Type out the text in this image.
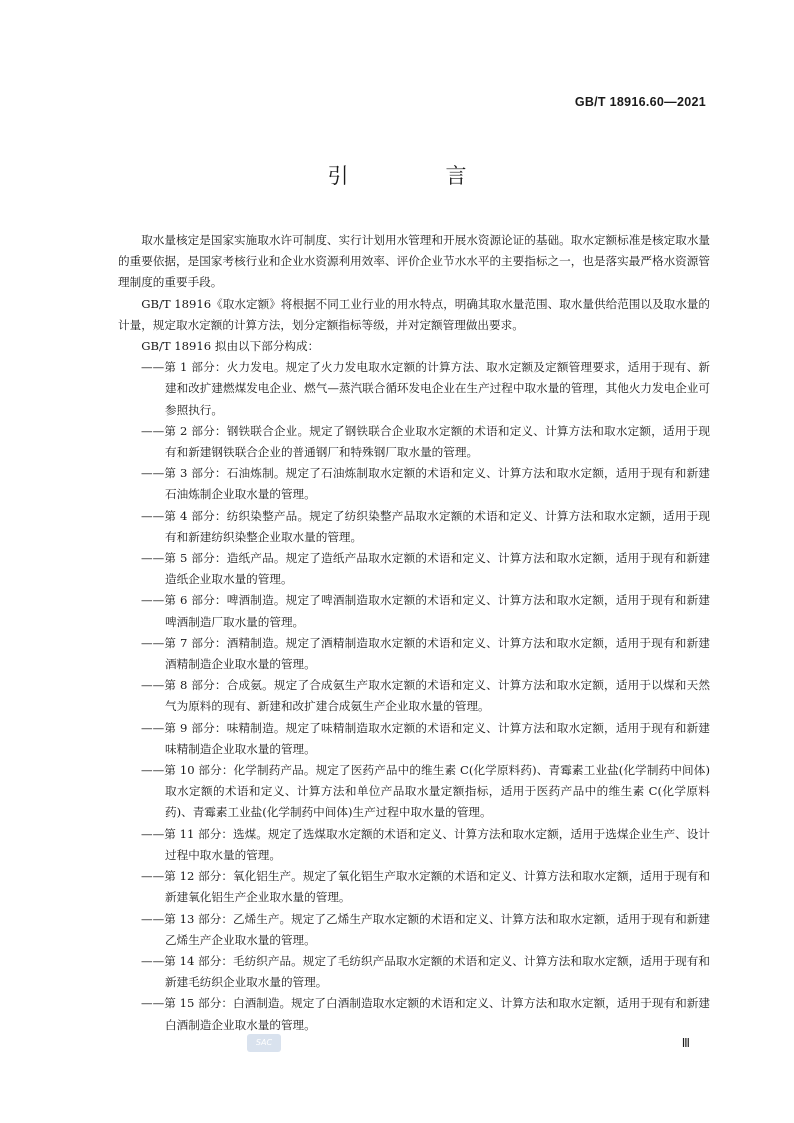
GB/T 18916.60—2021
引　言

取水量核定是国家实施取水许可制度、实行计划用水管理和开展水资源论证的基础。取水定额标准是核定取水量的重要依据，是国家考核行业和企业水资源利用效率、评价企业节水水平的主要指标之一，也是落实最严格水资源管理制度的重要手段。

GB/T 18916《取水定额》将根据不同工业行业的用水特点，明确其取水量范围、取水量供给范围以及取水量的计量，规定取水定额的计算方法，划分定额指标等级，并对定额管理做出要求。

GB/T 18916 拟由以下部分构成：

——第 1 部分：火力发电。规定了火力发电取水定额的计算方法、取水定额及定额管理要求，适用于现有、新建和改扩建燃煤发电企业、燃气—蒸汽联合循环发电企业在生产过程中取水量的管理，其他火力发电企业可参照执行。
——第 2 部分：钢铁联合企业。规定了钢铁联合企业取水定额的术语和定义、计算方法和取水定额，适用于现有和新建钢铁联合企业的普通钢厂和特殊钢厂取水量的管理。
——第 3 部分：石油炼制。规定了石油炼制取水定额的术语和定义、计算方法和取水定额，适用于现有和新建石油炼制企业取水量的管理。
——第 4 部分：纺织染整产品。规定了纺织染整产品取水定额的术语和定义、计算方法和取水定额，适用于现有和新建纺织染整企业取水量的管理。
——第 5 部分：造纸产品。规定了造纸产品取水定额的术语和定义、计算方法和取水定额，适用于现有和新建造纸企业取水量的管理。
——第 6 部分：啤酒制造。规定了啤酒制造取水定额的术语和定义、计算方法和取水定额，适用于现有和新建啤酒制造厂取水量的管理。
——第 7 部分：酒精制造。规定了酒精制造取水定额的术语和定义、计算方法和取水定额，适用于现有和新建酒精制造企业取水量的管理。
——第 8 部分：合成氨。规定了合成氨生产取水定额的术语和定义、计算方法和取水定额，适用于以煤和天然气为原料的现有、新建和改扩建合成氨生产企业取水量的管理。
——第 9 部分：味精制造。规定了味精制造取水定额的术语和定义、计算方法和取水定额，适用于现有和新建味精制造企业取水量的管理。
——第 10 部分：化学制药产品。规定了医药产品中的维生素 C(化学原料药)、青霉素工业盐(化学制药中间体)取水定额的术语和定义、计算方法和单位产品取水量定额指标，适用于医药产品中的维生素 C(化学原料药)、青霉素工业盐(化学制药中间体)生产过程中取水量的管理。
——第 11 部分：选煤。规定了选煤取水定额的术语和定义、计算方法和取水定额，适用于选煤企业生产、设计过程中取水量的管理。
——第 12 部分：氧化铝生产。规定了氧化铝生产取水定额的术语和定义、计算方法和取水定额，适用于现有和新建氧化铝生产企业取水量的管理。
——第 13 部分：乙烯生产。规定了乙烯生产取水定额的术语和定义、计算方法和取水定额，适用于现有和新建乙烯生产企业取水量的管理。
——第 14 部分：毛纺织产品。规定了毛纺织产品取水定额的术语和定义、计算方法和取水定额，适用于现有和新建毛纺织企业取水量的管理。
——第 15 部分：白酒制造。规定了白酒制造取水定额的术语和定义、计算方法和取水定额，适用于现有和新建白酒制造企业取水量的管理。
SAC	Ⅲ
